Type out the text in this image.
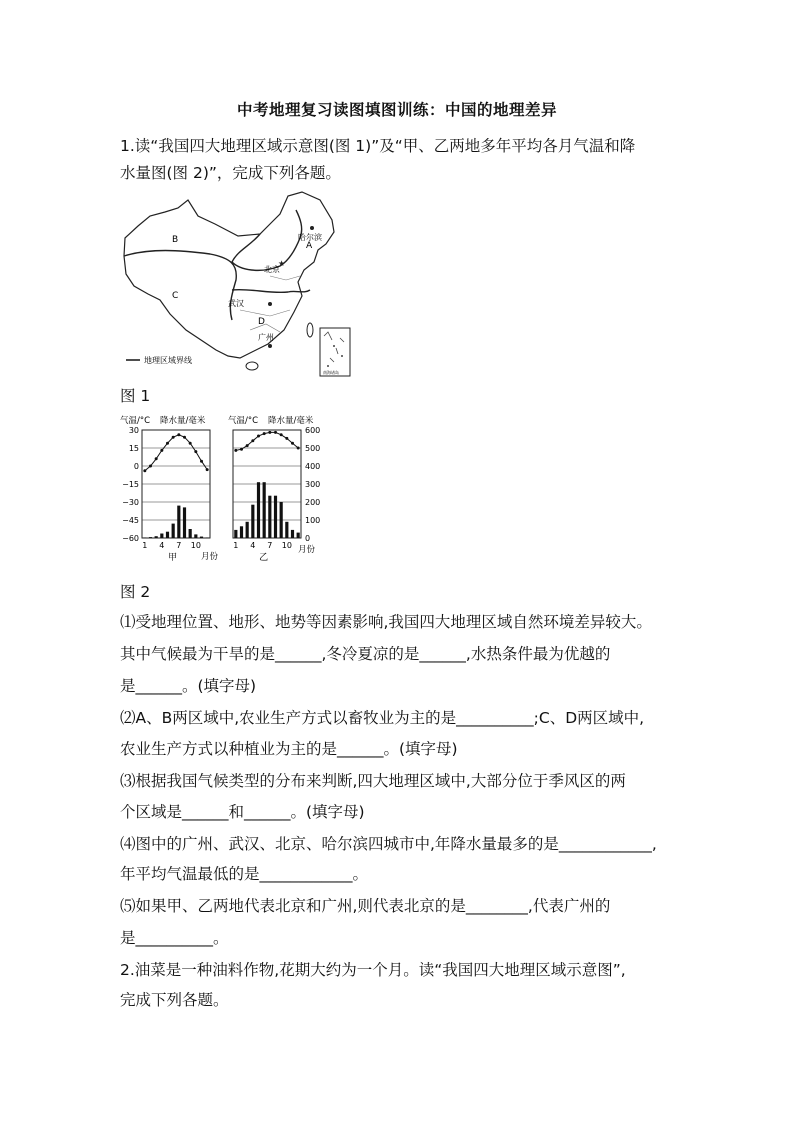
中考地理复习读图填图训练：中国的地理差异
1.读“我国四大地理区域示意图(图 1)”及“甲、乙两地多年平均各月气温和降
水量图(图 2)”，完成下列各题。
A
B
C
D
哈尔滨
★
北京
武汉
广州
南海诸岛
地理区域界线
图 1
气温/°C 降水量/毫米	气温/°C 降水量/毫米
30
15
0
−15
−30
−45
−60
600
500
400
300
200
100
0
1 4 7 10
甲
1 4 7 10
乙
月份
月份
图 2
⑴受地理位置、地形、地势等因素影响,我国四大地理区域自然环境差异较大。
其中气候最为干旱的是______,冬冷夏凉的是______,水热条件最为优越的
是______。(填字母)
⑵A、B两区域中,农业生产方式以畜牧业为主的是__________;C、D两区域中,
农业生产方式以种植业为主的是______。(填字母)
⑶根据我国气候类型的分布来判断,四大地理区域中,大部分位于季风区的两
个区域是______和______。(填字母)
⑷图中的广州、武汉、北京、哈尔滨四城市中,年降水量最多的是____________,
年平均气温最低的是____________。
⑸如果甲、乙两地代表北京和广州,则代表北京的是________,代表广州的
是__________。
2.油菜是一种油料作物,花期大约为一个月。读“我国四大地理区域示意图”,
完成下列各题。
